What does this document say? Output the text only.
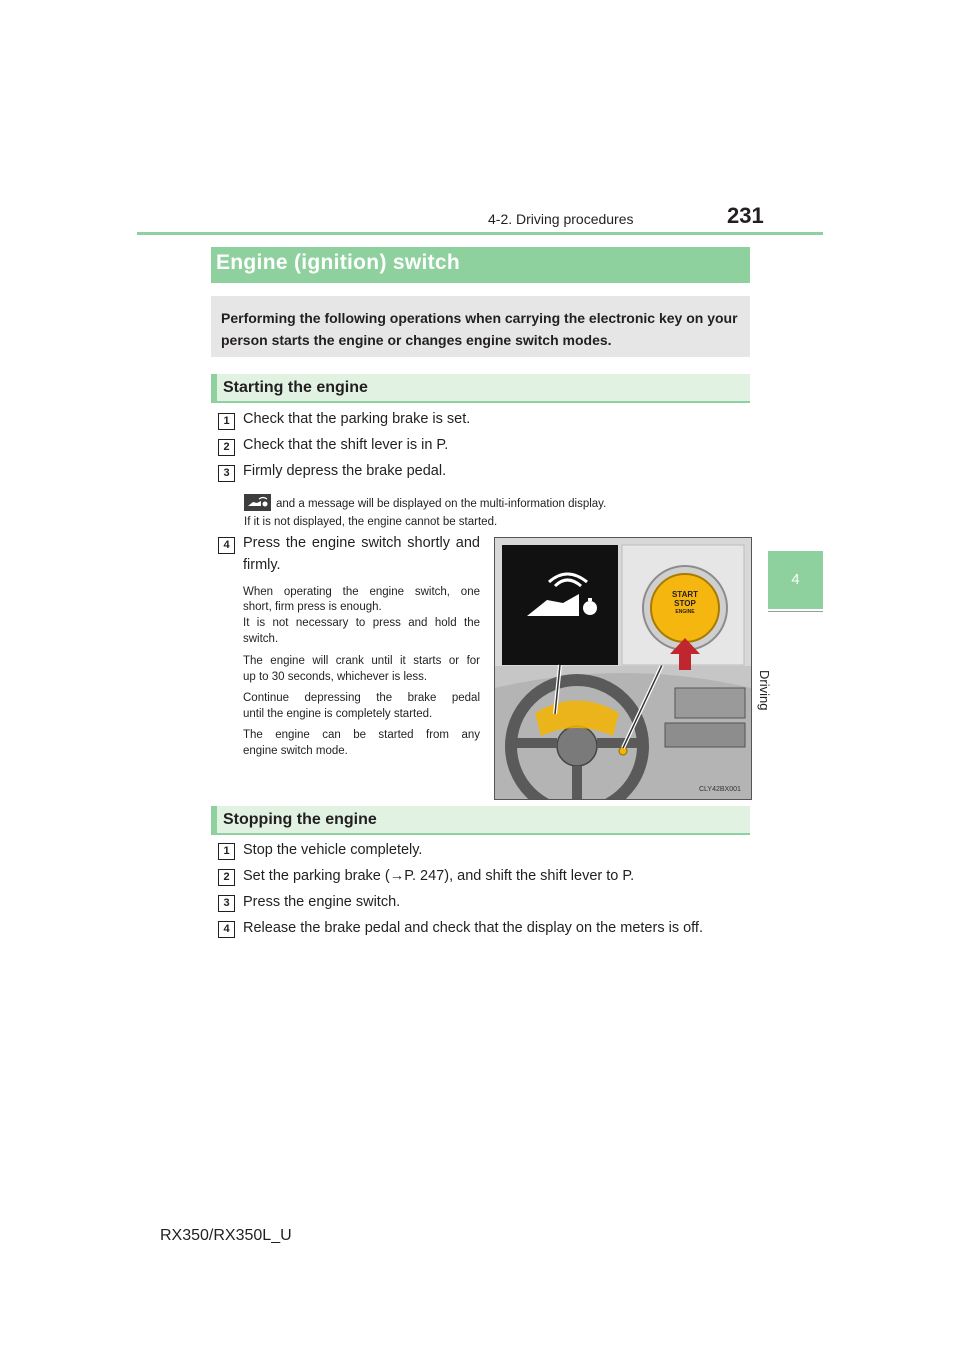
4-2. Driving procedures	231
4
Driving
Engine (ignition) switch
Performing the following operations when carrying the electronic key on your person starts the engine or changes engine switch modes.
Starting the engine
1 Check that the parking brake is set.
2 Check that the shift lever is in P.
3 Firmly depress the brake pedal.
and a message will be displayed on the multi-information display.
If it is not displayed, the engine cannot be started.
4 Press the engine switch shortly and
firmly.
When operating the engine switch, one
short, firm press is enough.
It is not necessary to press and hold the
switch.
The engine will crank until it starts or for
up to 30 seconds, whichever is less.
Continue depressing the brake pedal
until the engine is completely started.
The engine can be started from any
engine switch mode.
START
STOP
ENGINE
CLY42BX001
Stopping the engine
1 Stop the vehicle completely.
2 Set the parking brake (→P. 247), and shift the shift lever to P.
3 Press the engine switch.
4 Release the brake pedal and check that the display on the meters is off.
RX350/RX350L_U
